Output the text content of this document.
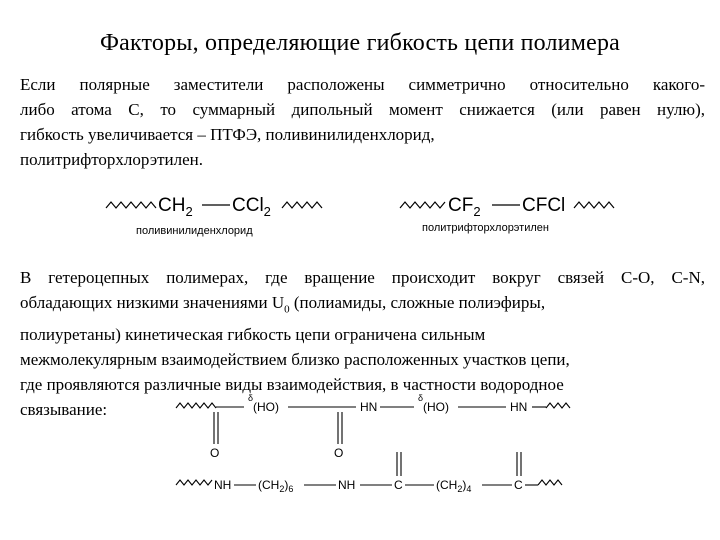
Факторы, определяющие гибкость цепи полимера
Если полярные заместители расположены симметрично относительно какого-
либо атома С, то суммарный дипольный момент снижается (или равен нулю),
гибкость увеличивается – ПТФЭ, поливинилиденхлорид,
политрифторхлорэтилен.
$CH_2$ CCl$_2$
поливинилиденхлорид
$CF_2$ CFCl
политрифторхлорэтилен
В гетероцепных полимерах, где вращение происходит вокруг связей С-О, C-N,
обладающих низкими значениями $U_0$ (полиамиды, сложные полиэфиры,
полиуретаны) кинетическая гибкость цепи ограничена сильным
межмолекулярным взаимодействием близко расположенных участков цепи,
где проявляются различные виды взаимодействия, в частности водородное
связывание:
δ
(HO)	HN
δ
(HO)	HN
O	O
NH $(CH_2)_6$	NH	C	$(CH_2)_4$	C
